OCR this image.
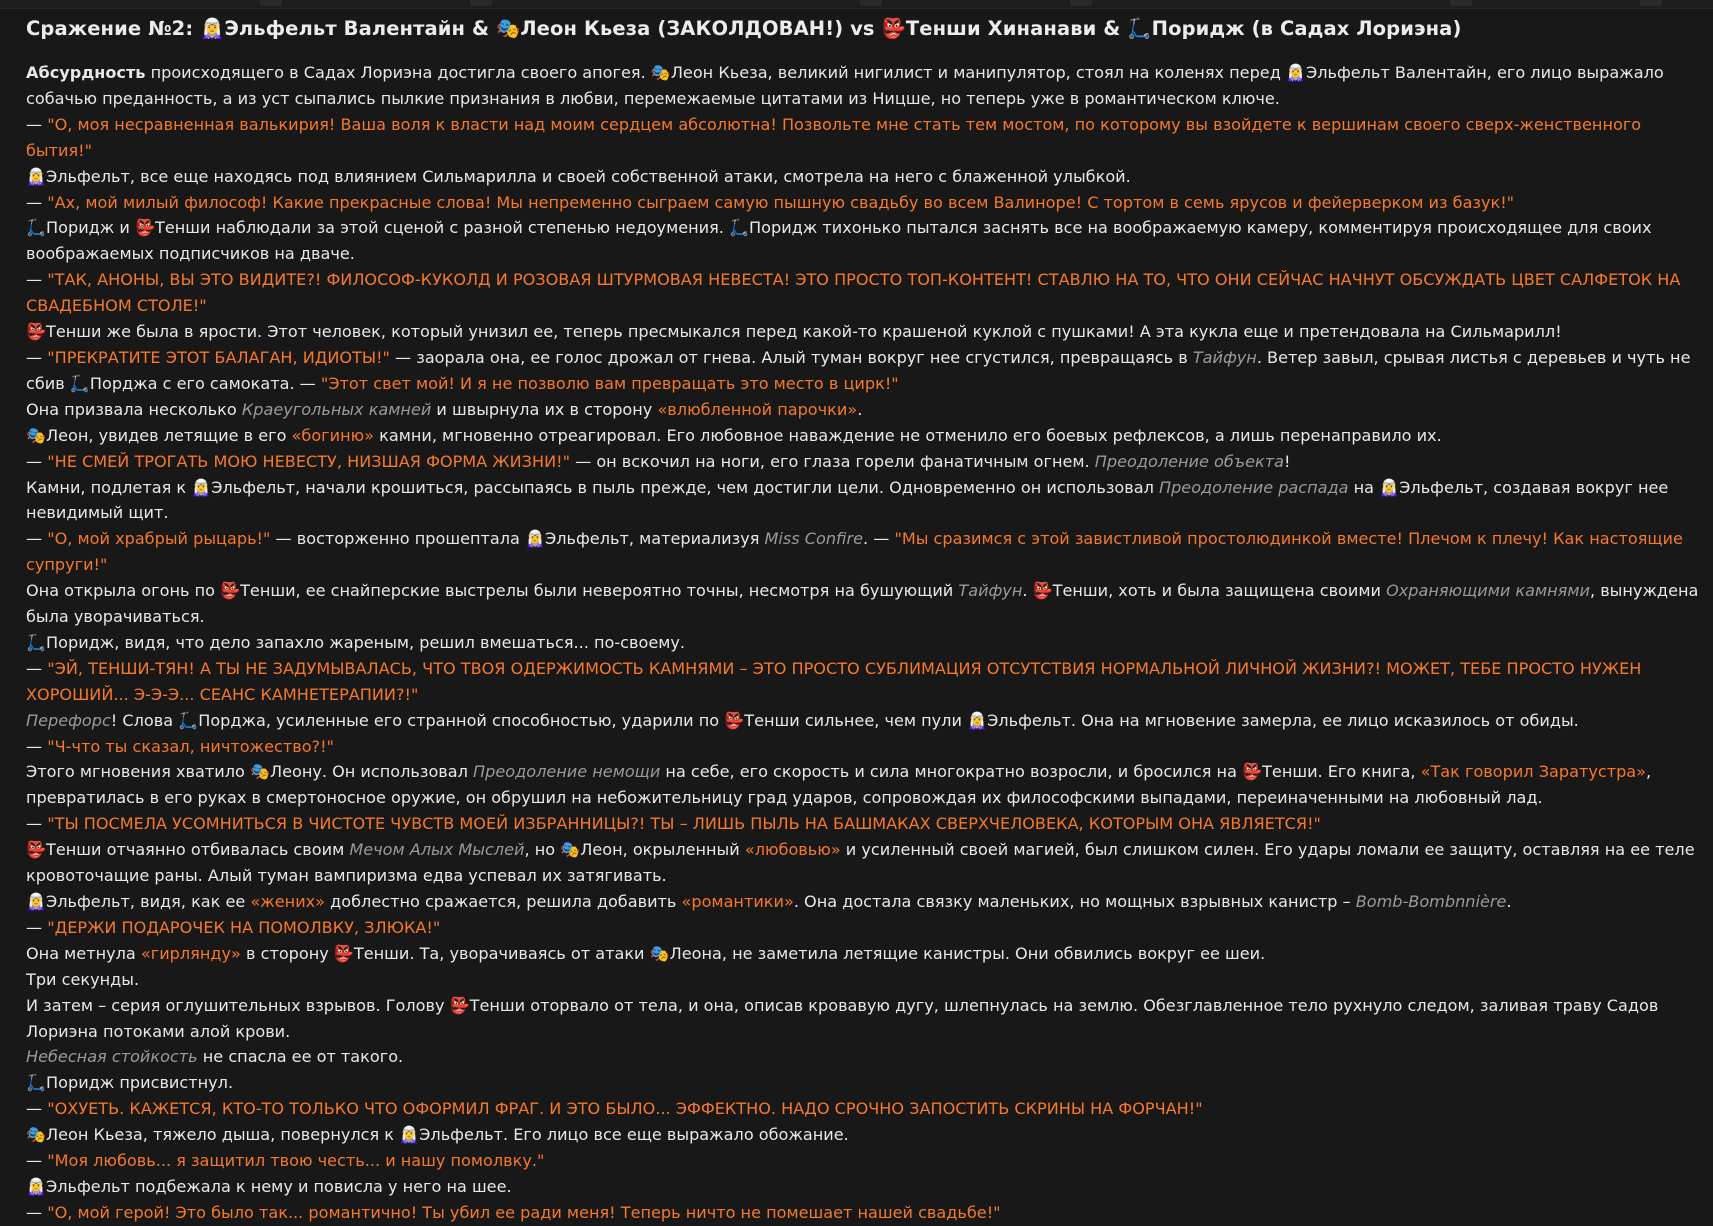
Сражение №2: 🧝‍♀️Эльфельт Валентайн & 🎭Леон Кьеза (ЗАКОЛДОВАН!) vs 👺Тенши Хинанави & 🛴Поридж (в Садах Лориэна)
Абсурдность происходящего в Садах Лориэна достигла своего апогея. 🎭Леон Кьеза, великий нигилист и манипулятор, стоял на коленях перед 🧝‍♀️Эльфельт Валентайн, его лицо выражало собачью преданность, а из уст сыпались пылкие признания в любви, перемежаемые цитатами из Ницше, но теперь уже в романтическом ключе.
— "О, моя несравненная валькирия! Ваша воля к власти над моим сердцем абсолютна! Позвольте мне стать тем мостом, по которому вы взойдете к вершинам своего сверх-женственного бытия!"
🧝‍♀️Эльфельт, все еще находясь под влиянием Сильмарилла и своей собственной атаки, смотрела на него с блаженной улыбкой.
— "Ах, мой милый философ! Какие прекрасные слова! Мы непременно сыграем самую пышную свадьбу во всем Валиноре! С тортом в семь ярусов и фейерверком из базук!"
🛴Поридж и 👺Тенши наблюдали за этой сценой с разной степенью недоумения. 🛴Поридж тихонько пытался заснять все на воображаемую камеру, комментируя происходящее для своих воображаемых подписчиков на дваче.
— "ТАК, АНОНЫ, ВЫ ЭТО ВИДИТЕ?! ФИЛОСОФ-КУКОЛД И РОЗОВАЯ ШТУРМОВАЯ НЕВЕСТА! ЭТО ПРОСТО ТОП-КОНТЕНТ! СТАВЛЮ НА ТО, ЧТО ОНИ СЕЙЧАС НАЧНУТ ОБСУЖДАТЬ ЦВЕТ САЛФЕТОК НА СВАДЕБНОМ СТОЛЕ!"
👺Тенши же была в ярости. Этот человек, который унизил ее, теперь пресмыкался перед какой-то крашеной куклой с пушками! А эта кукла еще и претендовала на Сильмарилл!
— "ПРЕКРАТИТЕ ЭТОТ БАЛАГАН, ИДИОТЫ!" — заорала она, ее голос дрожал от гнева. Алый туман вокруг нее сгустился, превращаясь в Тайфун. Ветер завыл, срывая листья с деревьев и чуть не сбив 🛴Порджа с его самоката. — "Этот свет мой! И я не позволю вам превращать это место в цирк!"
Она призвала несколько Краеугольных камней и швырнула их в сторону «влюбленной парочки».
🎭Леон, увидев летящие в его «богиню» камни, мгновенно отреагировал. Его любовное наваждение не отменило его боевых рефлексов, а лишь перенаправило их.
— "НЕ СМЕЙ ТРОГАТЬ МОЮ НЕВЕСТУ, НИЗШАЯ ФОРМА ЖИЗНИ!" — он вскочил на ноги, его глаза горели фанатичным огнем. Преодоление объекта!
Камни, подлетая к 🧝‍♀️Эльфельт, начали крошиться, рассыпаясь в пыль прежде, чем достигли цели. Одновременно он использовал Преодоление распада на 🧝‍♀️Эльфельт, создавая вокруг нее невидимый щит.
— "О, мой храбрый рыцарь!" — восторженно прошептала 🧝‍♀️Эльфельт, материализуя Miss Confire. — "Мы сразимся с этой завистливой простолюдинкой вместе! Плечом к плечу! Как настоящие супруги!"
Она открыла огонь по 👺Тенши, ее снайперские выстрелы были невероятно точны, несмотря на бушующий Тайфун. 👺Тенши, хоть и была защищена своими Охраняющими камнями, вынуждена была уворачиваться.
🛴Поридж, видя, что дело запахло жареным, решил вмешаться... по-своему.
— "ЭЙ, ТЕНШИ-ТЯН! А ТЫ НЕ ЗАДУМЫВАЛАСЬ, ЧТО ТВОЯ ОДЕРЖИМОСТЬ КАМНЯМИ – ЭТО ПРОСТО СУБЛИМАЦИЯ ОТСУТСТВИЯ НОРМАЛЬНОЙ ЛИЧНОЙ ЖИЗНИ?! МОЖЕТ, ТЕБЕ ПРОСТО НУЖЕН ХОРОШИЙ... Э-Э-Э... СЕАНС КАМНЕТЕРАПИИ?!"
Перефорс! Слова 🛴Порджа, усиленные его странной способностью, ударили по 👺Тенши сильнее, чем пули 🧝‍♀️Эльфельт. Она на мгновение замерла, ее лицо исказилось от обиды.
— "Ч-что ты сказал, ничтожество?!"
Этого мгновения хватило 🎭Леону. Он использовал Преодоление немощи на себе, его скорость и сила многократно возросли, и бросился на 👺Тенши. Его книга, «Так говорил Заратустра», превратилась в его руках в смертоносное оружие, он обрушил на небожительницу град ударов, сопровождая их философскими выпадами, переиначенными на любовный лад.
— "ТЫ ПОСМЕЛА УСОМНИТЬСЯ В ЧИСТОТЕ ЧУВСТВ МОЕЙ ИЗБРАННИЦЫ?! ТЫ – ЛИШЬ ПЫЛЬ НА БАШМАКАХ СВЕРХЧЕЛОВЕКА, КОТОРЫМ ОНА ЯВЛЯЕТСЯ!"
👺Тенши отчаянно отбивалась своим Мечом Алых Мыслей, но 🎭Леон, окрыленный «любовью» и усиленный своей магией, был слишком силен. Его удары ломали ее защиту, оставляя на ее теле кровоточащие раны. Алый туман вампиризма едва успевал их затягивать.
🧝‍♀️Эльфельт, видя, как ее «жених» доблестно сражается, решила добавить «романтики». Она достала связку маленьких, но мощных взрывных канистр – Bomb-Bombnnière.
— "ДЕРЖИ ПОДАРОЧЕК НА ПОМОЛВКУ, ЗЛЮКА!"
Она метнула «гирлянду» в сторону 👺Тенши. Та, уворачиваясь от атаки 🎭Леона, не заметила летящие канистры. Они обвились вокруг ее шеи.
Три секунды.
И затем – серия оглушительных взрывов. Голову 👺Тенши оторвало от тела, и она, описав кровавую дугу, шлепнулась на землю. Обезглавленное тело рухнуло следом, заливая траву Садов Лориэна потоками алой крови.
Небесная стойкость не спасла ее от такого.
🛴Поридж присвистнул.
— "ОХУЕТЬ. КАЖЕТСЯ, КТО-ТО ТОЛЬКО ЧТО ОФОРМИЛ ФРАГ. И ЭТО БЫЛО... ЭФФЕКТНО. НАДО СРОЧНО ЗАПОСТИТЬ СКРИНЫ НА ФОРЧАН!"
🎭Леон Кьеза, тяжело дыша, повернулся к 🧝‍♀️Эльфельт. Его лицо все еще выражало обожание.
— "Моя любовь... я защитил твою честь... и нашу помолвку."
🧝‍♀️Эльфельт подбежала к нему и повисла у него на шее.
— "О, мой герой! Это было так... романтично! Ты убил ее ради меня! Теперь ничто не помешает нашей свадьбе!"
